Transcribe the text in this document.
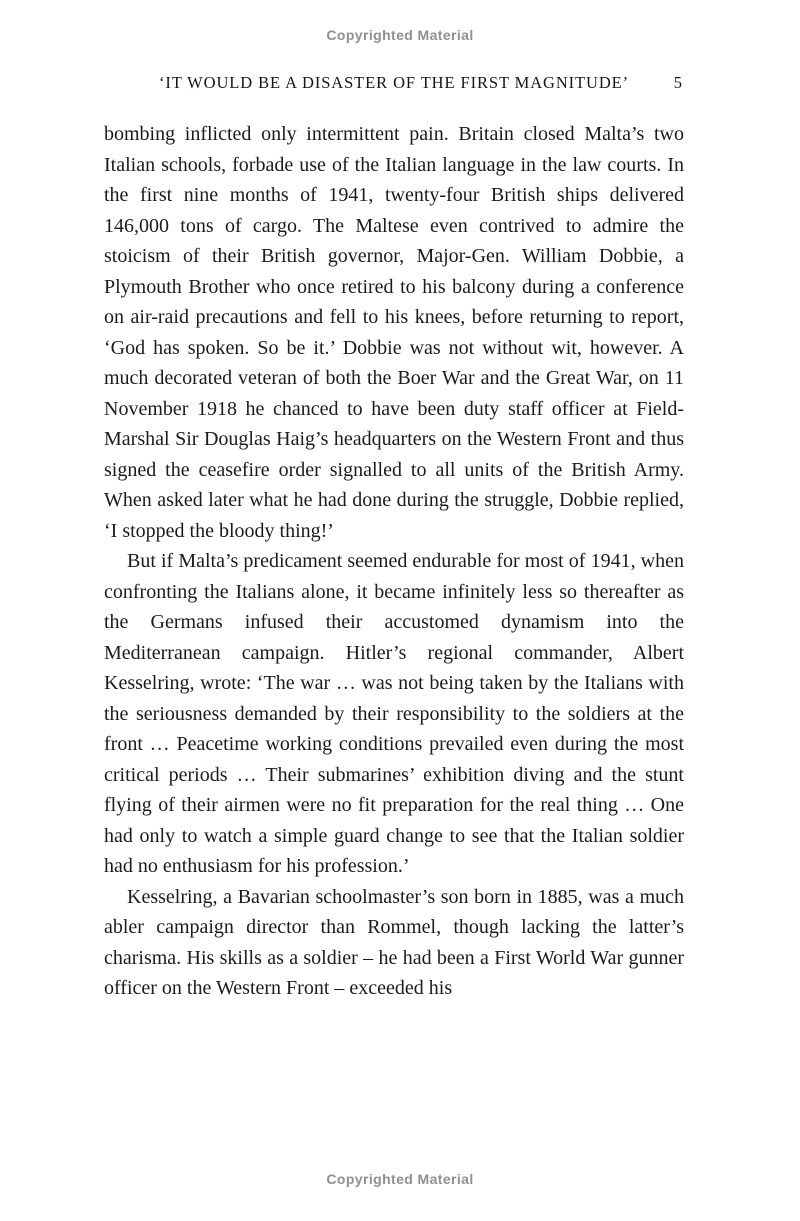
Copyrighted Material
‘IT WOULD BE A DISASTER OF THE FIRST MAGNITUDE’	5

bombing inflicted only intermittent pain. Britain closed Malta’s two Italian schools, forbade use of the Italian language in the law courts. In the first nine months of 1941, twenty-four British ships delivered 146,000 tons of cargo. The Maltese even contrived to admire the stoicism of their British governor, Major-Gen. William Dobbie, a Plymouth Brother who once retired to his balcony during a conference on air-raid precautions and fell to his knees, before returning to report, ‘God has spoken. So be it.’ Dobbie was not without wit, however. A much decorated veteran of both the Boer War and the Great War, on 11 November 1918 he chanced to have been duty staff officer at Field-Marshal Sir Douglas Haig’s headquarters on the Western Front and thus signed the ceasefire order signalled to all units of the British Army. When asked later what he had done during the struggle, Dobbie replied, ‘I stopped the bloody thing!’

But if Malta’s predicament seemed endurable for most of 1941, when confronting the Italians alone, it became infinitely less so thereafter as the Germans infused their accustomed dynamism into the Mediterranean campaign. Hitler’s regional commander, Albert Kesselring, wrote: ‘The war … was not being taken by the Italians with the seriousness demanded by their responsibility to the soldiers at the front … Peacetime working conditions prevailed even during the most critical periods … Their submarines’ exhibition diving and the stunt flying of their airmen were no fit preparation for the real thing … One had only to watch a simple guard change to see that the Italian soldier had no enthusiasm for his profession.’

Kesselring, a Bavarian schoolmaster’s son born in 1885, was a much abler campaign director than Rommel, though lacking the latter’s charisma. His skills as a soldier – he had been a First World War gunner officer on the Western Front – exceeded his

Copyrighted Material
